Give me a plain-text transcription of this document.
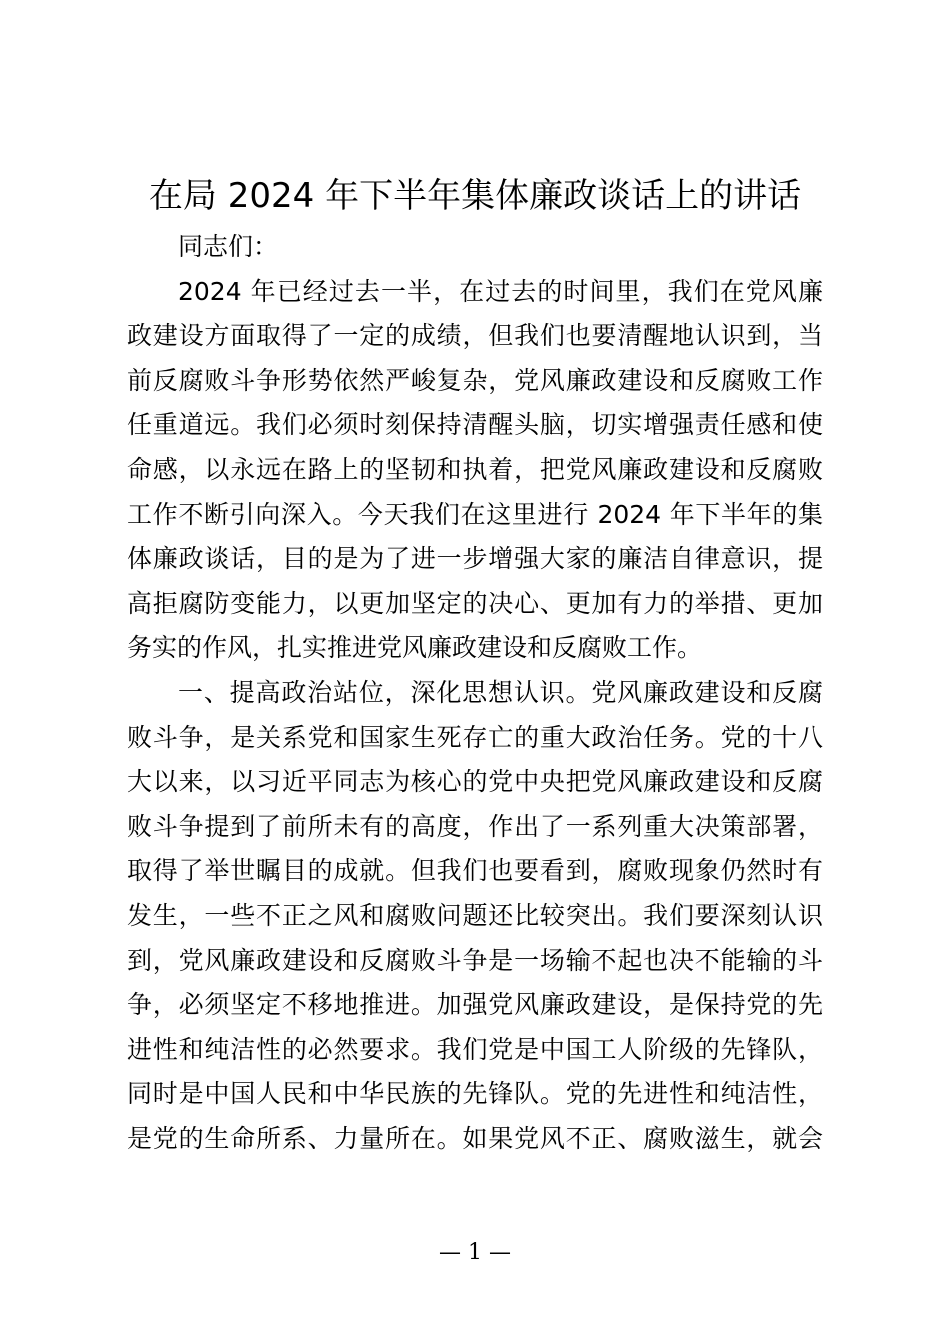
在局 2024 年下半年集体廉政谈话上的讲话
同志们：
2024 年已经过去一半，在过去的时间里，我们在党风廉
政建设方面取得了一定的成绩，但我们也要清醒地认识到，当
前反腐败斗争形势依然严峻复杂，党风廉政建设和反腐败工作
任重道远。我们必须时刻保持清醒头脑，切实增强责任感和使
命感，以永远在路上的坚韧和执着，把党风廉政建设和反腐败
工作不断引向深入。今天我们在这里进行 2024 年下半年的集
体廉政谈话，目的是为了进一步增强大家的廉洁自律意识，提
高拒腐防变能力，以更加坚定的决心、更加有力的举措、更加
务实的作风，扎实推进党风廉政建设和反腐败工作。
一、提高政治站位，深化思想认识。党风廉政建设和反腐
败斗争，是关系党和国家生死存亡的重大政治任务。党的十八
大以来，以习近平同志为核心的党中央把党风廉政建设和反腐
败斗争提到了前所未有的高度，作出了一系列重大决策部署，
取得了举世瞩目的成就。但我们也要看到，腐败现象仍然时有
发生，一些不正之风和腐败问题还比较突出。我们要深刻认识
到，党风廉政建设和反腐败斗争是一场输不起也决不能输的斗
争，必须坚定不移地推进。加强党风廉政建设，是保持党的先
进性和纯洁性的必然要求。我们党是中国工人阶级的先锋队，
同时是中国人民和中华民族的先锋队。党的先进性和纯洁性，
是党的生命所系、力量所在。如果党风不正、腐败滋生，就会
— 1 —
